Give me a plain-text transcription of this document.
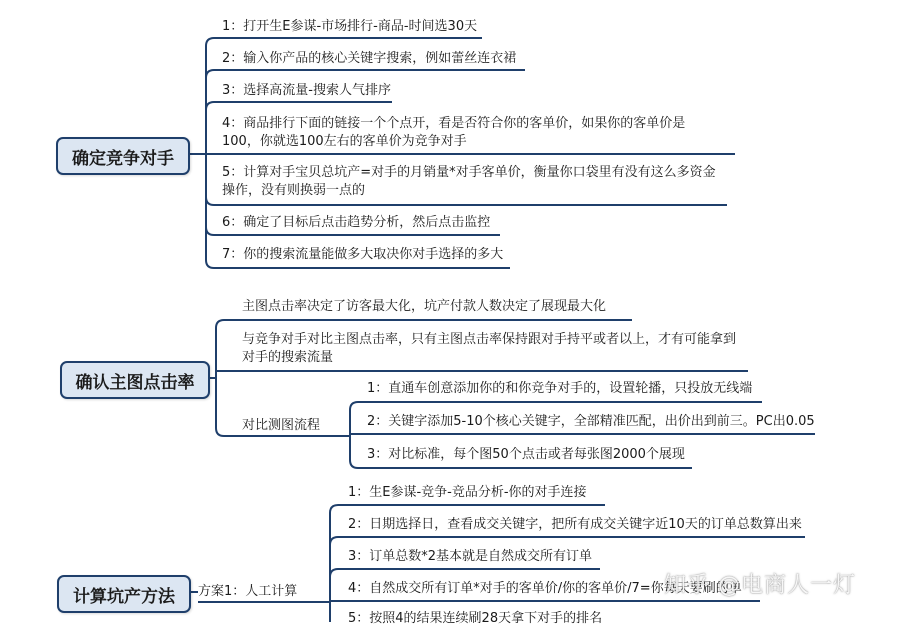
确定竞争对手
1：打开生E参谋-市场排行-商品-时间选30天
2：输入你产品的核心关键字搜索，例如蕾丝连衣裙
3：选择高流量-搜索人气排序
4：商品排行下面的链接一个个点开，看是否符合你的客单价，如果你的客单价是100，你就选100左右的客单价为竞争对手
5：计算对手宝贝总坑产=对手的月销量*对手客单价，衡量你口袋里有没有这么多资金操作，没有则换弱一点的
6：确定了目标后点击趋势分析，然后点击监控
7：你的搜索流量能做多大取决你对手选择的多大
确认主图点击率
主图点击率决定了访客最大化，坑产付款人数决定了展现最大化
与竞争对手对比主图点击率，只有主图点击率保持跟对手持平或者以上，才有可能拿到对手的搜索流量
对比测图流程
1：直通车创意添加你的和你竞争对手的，设置轮播，只投放无线端
2：关键字添加5-10个核心关键字，全部精准匹配，出价出到前三。PC出0.05
3：对比标准，每个图50个点击或者每张图2000个展现
计算坑产方法	方案1：人工计算
1：生E参谋-竞争-竞品分析-你的对手连接
2：日期选择日，查看成交关键字，把所有成交关键字近10天的订单总数算出来
3：订单总数*2基本就是自然成交所有订单
4：自然成交所有订单*对手的客单价/你的客单价/7=你每天要刷的单
5：按照4的结果连续刷28天拿下对手的排名
知乎 @电商人一灯
